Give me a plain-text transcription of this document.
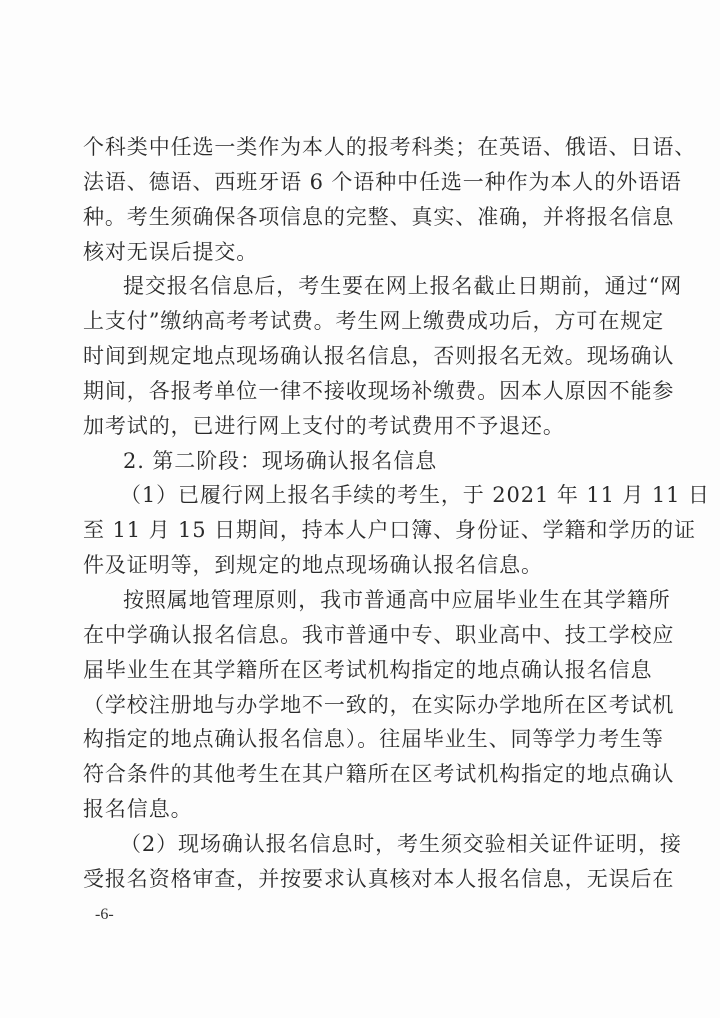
个科类中任选一类作为本人的报考科类；在英语、俄语、日语、
法语、德语、西班牙语 6 个语种中任选一种作为本人的外语语
种。考生须确保各项信息的完整、真实、准确，并将报名信息
核对无误后提交。
提交报名信息后，考生要在网上报名截止日期前，通过“网
上支付”缴纳高考考试费。考生网上缴费成功后，方可在规定
时间到规定地点现场确认报名信息，否则报名无效。现场确认
期间，各报考单位一律不接收现场补缴费。因本人原因不能参
加考试的，已进行网上支付的考试费用不予退还。
2. 第二阶段：现场确认报名信息
（1）已履行网上报名手续的考生，于 2021 年 11 月 11 日
至 11 月 15 日期间，持本人户口簿、身份证、学籍和学历的证
件及证明等，到规定的地点现场确认报名信息。
按照属地管理原则，我市普通高中应届毕业生在其学籍所
在中学确认报名信息。我市普通中专、职业高中、技工学校应
届毕业生在其学籍所在区考试机构指定的地点确认报名信息
（学校注册地与办学地不一致的，在实际办学地所在区考试机
构指定的地点确认报名信息）。往届毕业生、同等学力考生等
符合条件的其他考生在其户籍所在区考试机构指定的地点确认
报名信息。
（2）现场确认报名信息时，考生须交验相关证件证明，接
受报名资格审查，并按要求认真核对本人报名信息，无误后在
-6-
